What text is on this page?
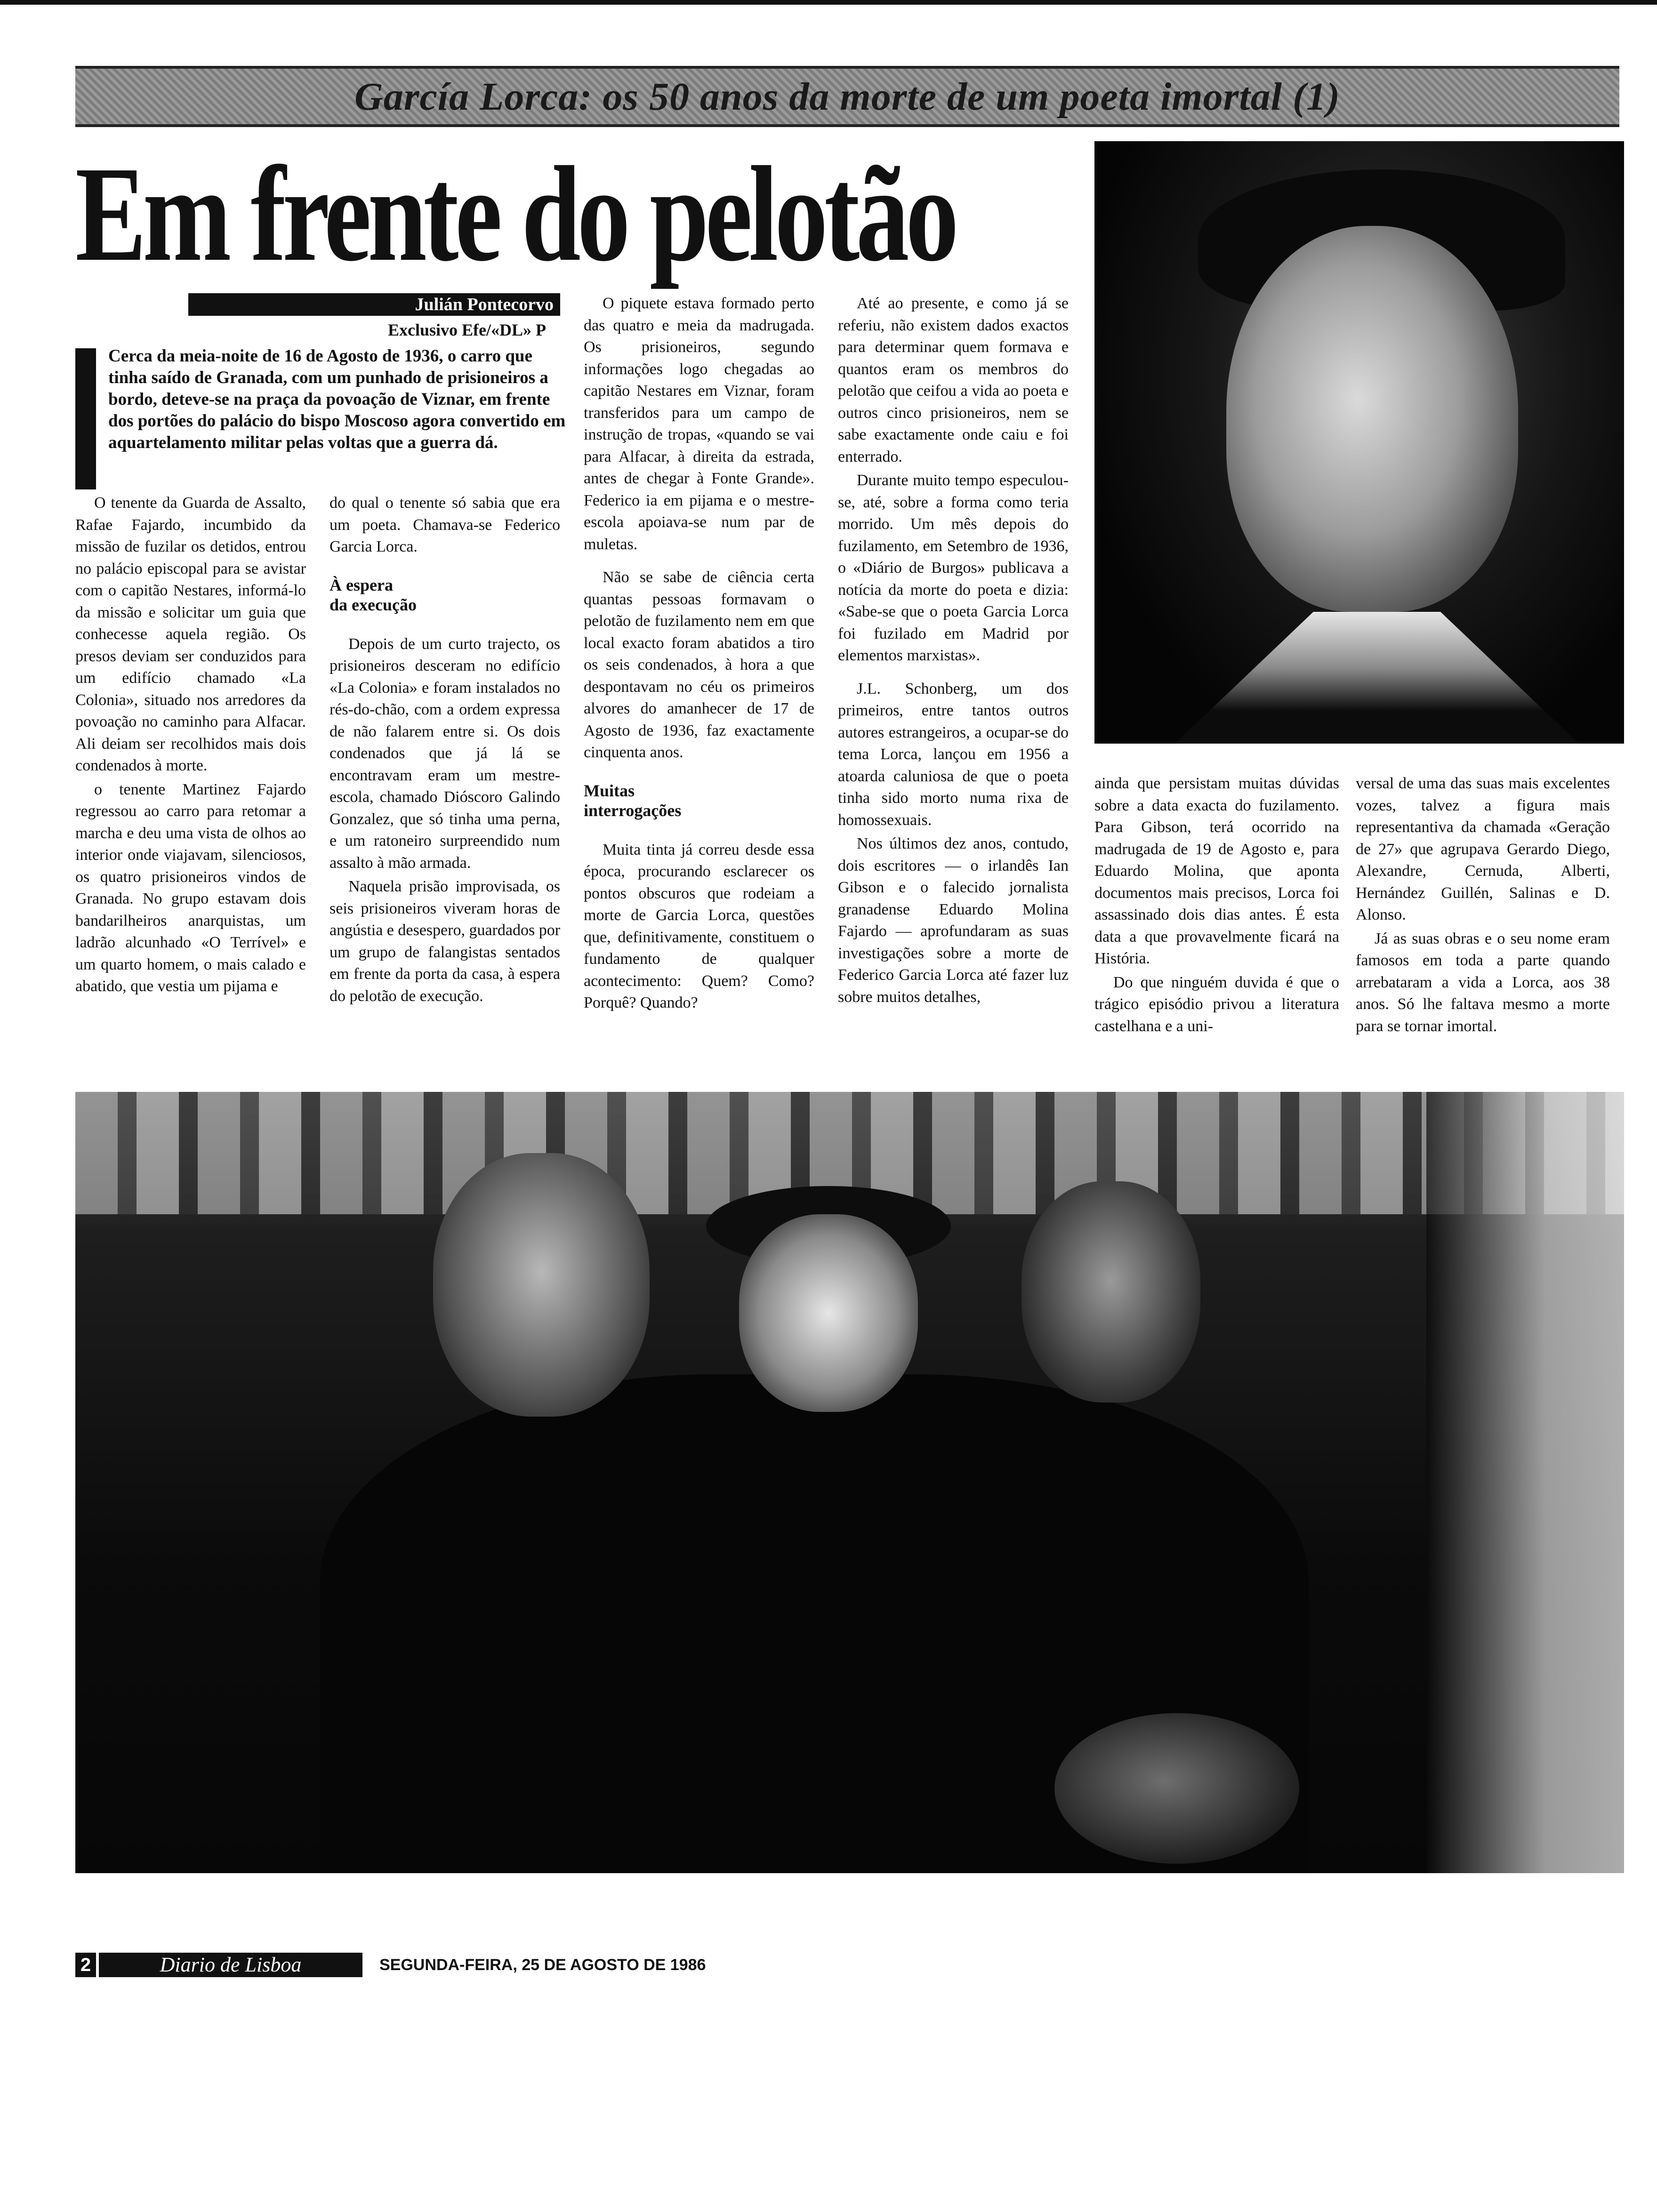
García Lorca: os 50 anos da morte de um poeta imortal (1)
Em frente do pelotão
Julián Pontecorvo
Exclusivo Efe/«DL» P
Cerca da meia-noite de 16 de Agosto de 1936, o carro que tinha saído de Granada, com um punhado de prisioneiros a bordo, deteve-se na praça da povoação de Viznar, em frente dos portões do palácio do bispo Moscoso agora convertido em aquartelamento militar pelas voltas que a guerra dá.

O tenente da Guarda de Assalto, Rafae Fajardo, incumbido da missão de fuzilar os detidos, entrou no palácio episcopal para se avistar com o capitão Nestares, informá-lo da missão e solicitar um guia que conhecesse aquela região. Os presos deviam ser conduzidos para um edifício chamado «La Colonia», situado nos arredores da povoação no caminho para Alfacar. Ali deiam ser recolhidos mais dois condenados à morte.

o tenente Martinez Fajardo regressou ao carro para retomar a marcha e deu uma vista de olhos ao interior onde viajavam, silenciosos, os quatro prisioneiros vindos de Granada. No grupo estavam dois bandarilheiros anarquistas, um ladrão alcunhado «O Terrível» e um quarto homem, o mais calado e abatido, que vestia um pijama e

do qual o tenente só sabia que era um poeta. Chamava-se Federico Garcia Lorca.

À espera
da execução

Depois de um curto trajecto, os prisioneiros desceram no edifício «La Colonia» e foram instalados no rés-do-chão, com a ordem expressa de não falarem entre si. Os dois condenados que já lá se encontravam eram um mestre-escola, chamado Dióscoro Galindo Gonzalez, que só tinha uma perna, e um ratoneiro surpreendido num assalto à mão armada.

Naquela prisão improvisada, os seis prisioneiros viveram horas de angústia e desespero, guardados por um grupo de falangistas sentados em frente da porta da casa, à espera do pelotão de execução.

O piquete estava formado perto das quatro e meia da madrugada. Os prisioneiros, segundo informações logo chegadas ao capitão Nestares em Viznar, foram transferidos para um campo de instrução de tropas, «quando se vai para Alfacar, à direita da estrada, antes de chegar à Fonte Grande». Federico ia em pijama e o mestre-escola apoiava-se num par de muletas.

Não se sabe de ciência certa quantas pessoas formavam o pelotão de fuzilamento nem em que local exacto foram abatidos a tiro os seis condenados, à hora a que despontavam no céu os primeiros alvores do amanhecer de 17 de Agosto de 1936, faz exactamente cinquenta anos.

Muitas
interrogações

Muita tinta já correu desde essa época, procurando esclarecer os pontos obscuros que rodeiam a morte de Garcia Lorca, questões que, definitivamente, constituem o fundamento de qualquer acontecimento: Quem? Como? Porquê? Quando?

Até ao presente, e como já se referiu, não existem dados exactos para determinar quem formava e quantos eram os membros do pelotão que ceifou a vida ao poeta e outros cinco prisioneiros, nem se sabe exactamente onde caiu e foi enterrado.

Durante muito tempo especulou-se, até, sobre a forma como teria morrido. Um mês depois do fuzilamento, em Setembro de 1936, o «Diário de Burgos» publicava a notícia da morte do poeta e dizia: «Sabe-se que o poeta Garcia Lorca foi fuzilado em Madrid por elementos marxistas».

J.L. Schonberg, um dos primeiros, entre tantos outros autores estrangeiros, a ocupar-se do tema Lorca, lançou em 1956 a atoarda caluniosa de que o poeta tinha sido morto numa rixa de homossexuais.

Nos últimos dez anos, contudo, dois escritores — o irlandês Ian Gibson e o falecido jornalista granadense Eduardo Molina Fajardo — aprofundaram as suas investigações sobre a morte de Federico Garcia Lorca até fazer luz sobre muitos detalhes,

ainda que persistam muitas dúvidas sobre a data exacta do fuzilamento. Para Gibson, terá ocorrido na madrugada de 19 de Agosto e, para Eduardo Molina, que aponta documentos mais precisos, Lorca foi assassinado dois dias antes. É esta data a que provavelmente ficará na História.

Do que ninguém duvida é que o trágico episódio privou a literatura castelhana e a uni-

versal de uma das suas mais excelentes vozes, talvez a figura mais representantiva da chamada «Geração de 27» que agrupava Gerardo Diego, Alexandre, Cernuda, Alberti, Hernández Guillén, Salinas e D. Alonso.

Já as suas obras e o seu nome eram famosos em toda a parte quando arrebataram a vida a Lorca, aos 38 anos. Só lhe faltava mesmo a morte para se tornar imortal.

2	Diario de Lisboa	SEGUNDA-FEIRA, 25 DE AGOSTO DE 1986
